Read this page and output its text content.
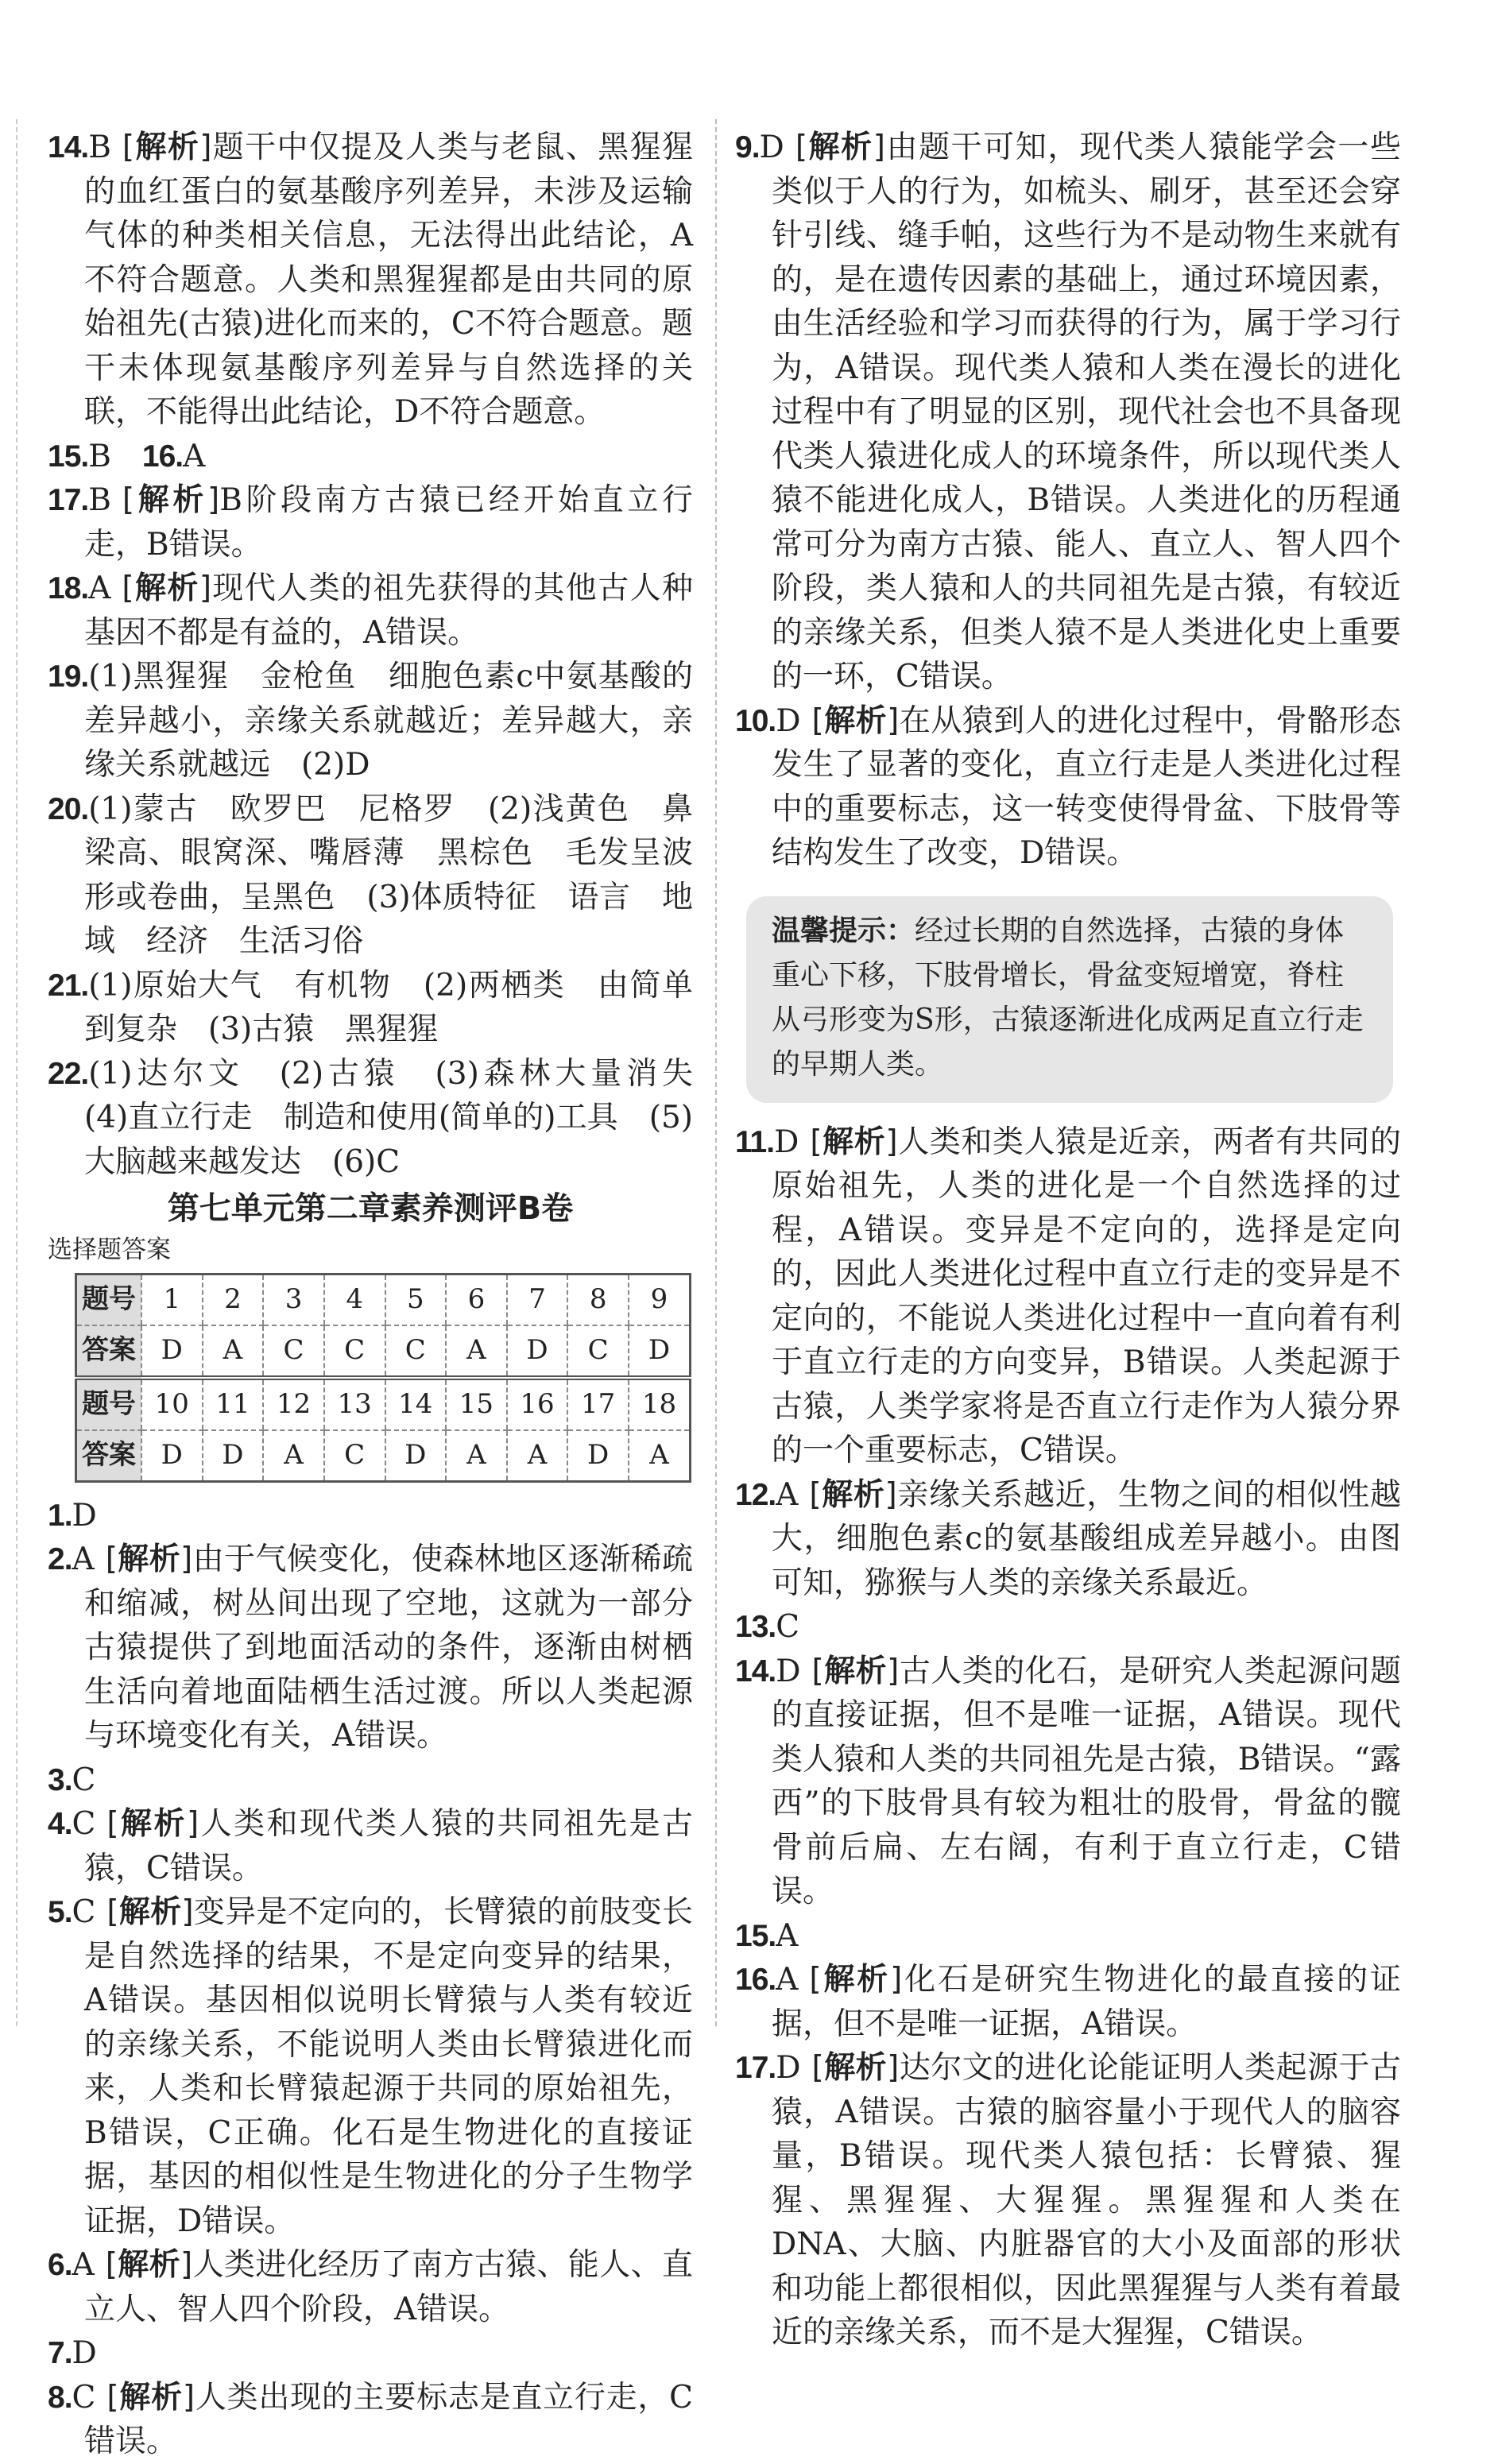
14.B [ 解析 ] 题干中仅提及人类与老鼠、黑猩猩的血红蛋白的氨基酸序列差异，未涉及运输气体的种类相关信息，无法得出此结论，A不符合题意。人类和黑猩猩都是由共同的原始祖先(古猿)进化而来的，C不符合题意。题干未体现氨基酸序列差异与自然选择的关联，不能得出此结论，D不符合题意。
15.B  16.A
17.B [ 解析 ] B阶段南方古猿已经开始直立行走，B错误。
18.A [ 解析 ] 现代人类的祖先获得的其他古人种基因不都是有益的，A错误。
19.(1)黑猩猩　金枪鱼　细胞色素c中氨基酸的差异越小，亲缘关系就越近；差异越大，亲缘关系就越远　(2)D
20.(1)蒙古　欧罗巴　尼格罗　(2)浅黄色　鼻梁高、眼窝深、嘴唇薄　黑棕色　毛发呈波形或卷曲，呈黑色　(3)体质特征　语言　地域　经济　生活习俗
21.(1)原始大气　有机物　(2)两栖类　由简单到复杂　(3)古猿　黑猩猩
22.(1)达尔文　(2)古猿　(3)森林大量消失　(4)直立行走　制造和使用(简单的)工具　(5)大脑越来越发达　(6)C
第七单元第二章素养测评B卷
选择题答案
题号	1	2	3	4	5	6	7	8	9
答案	D	A	C	C	C	A	D	C	D
题号	10	11	12	13	14	15	16	17	18
答案	D	D	A	C	D	A	A	D	A
1.D
2.A [ 解析 ] 由于气候变化，使森林地区逐渐稀疏和缩减，树丛间出现了空地，这就为一部分古猿提供了到地面活动的条件，逐渐由树栖生活向着地面陆栖生活过渡。所以人类起源与环境变化有关，A错误。
3.C
4.C [ 解析 ] 人类和现代类人猿的共同祖先是古猿，C错误。
5.C [ 解析 ] 变异是不定向的，长臂猿的前肢变长是自然选择的结果，不是定向变异的结果，A错误。基因相似说明长臂猿与人类有较近的亲缘关系，不能说明人类由长臂猿进化而来，人类和长臂猿起源于共同的原始祖先，B错误，C正确。化石是生物进化的直接证据，基因的相似性是生物进化的分子生物学证据，D错误。
6.A [ 解析 ] 人类进化经历了南方古猿、能人、直立人、智人四个阶段，A错误。
7.D
8.C [ 解析 ] 人类出现的主要标志是直立行走，C错误。
9.D [ 解析 ] 由题干可知，现代类人猿能学会一些类似于人的行为，如梳头、刷牙，甚至还会穿针引线、缝手帕，这些行为不是动物生来就有的，是在遗传因素的基础上，通过环境因素，由生活经验和学习而获得的行为，属于学习行为，A错误。现代类人猿和人类在漫长的进化过程中有了明显的区别，现代社会也不具备现代类人猿进化成人的环境条件，所以现代类人猿不能进化成人，B错误。人类进化的历程通常可分为南方古猿、能人、直立人、智人四个阶段，类人猿和人的共同祖先是古猿，有较近的亲缘关系，但类人猿不是人类进化史上重要的一环，C错误。
10.D [ 解析 ] 在从猿到人的进化过程中，骨骼形态发生了显著的变化，直立行走是人类进化过程中的重要标志，这一转变使得骨盆、下肢骨等结构发生了改变，D错误。
温馨提示：经过长期的自然选择，古猿的身体重心下移，下肢骨增长，骨盆变短增宽，脊柱从弓形变为S形，古猿逐渐进化成两足直立行走的早期人类。
11.D [ 解析 ] 人类和类人猿是近亲，两者有共同的原始祖先，人类的进化是一个自然选择的过程，A错误。变异是不定向的，选择是定向的，因此人类进化过程中直立行走的变异是不定向的，不能说人类进化过程中一直向着有利于直立行走的方向变异，B错误。人类起源于古猿，人类学家将是否直立行走作为人猿分界的一个重要标志，C错误。
12.A [ 解析 ] 亲缘关系越近，生物之间的相似性越大，细胞色素c的氨基酸组成差异越小。由图可知，猕猴与人类的亲缘关系最近。
13.C
14.D [ 解析 ] 古人类的化石，是研究人类起源问题的直接证据，但不是唯一证据，A错误。现代类人猿和人类的共同祖先是古猿，B错误。“露西”的下肢骨具有较为粗壮的股骨，骨盆的髋骨前后扁、左右阔，有利于直立行走，C错误。
15.A
16.A [ 解析 ] 化石是研究生物进化的最直接的证据，但不是唯一证据，A错误。
17.D [ 解析 ] 达尔文的进化论能证明人类起源于古猿，A错误。古猿的脑容量小于现代人的脑容量，B错误。现代类人猿包括：长臂猿、猩猩、黑猩猩、大猩猩。黑猩猩和人类在DNA、大脑、内脏器官的大小及面部的形状和功能上都很相似，因此黑猩猩与人类有着最近的亲缘关系，而不是大猩猩，C错误。
